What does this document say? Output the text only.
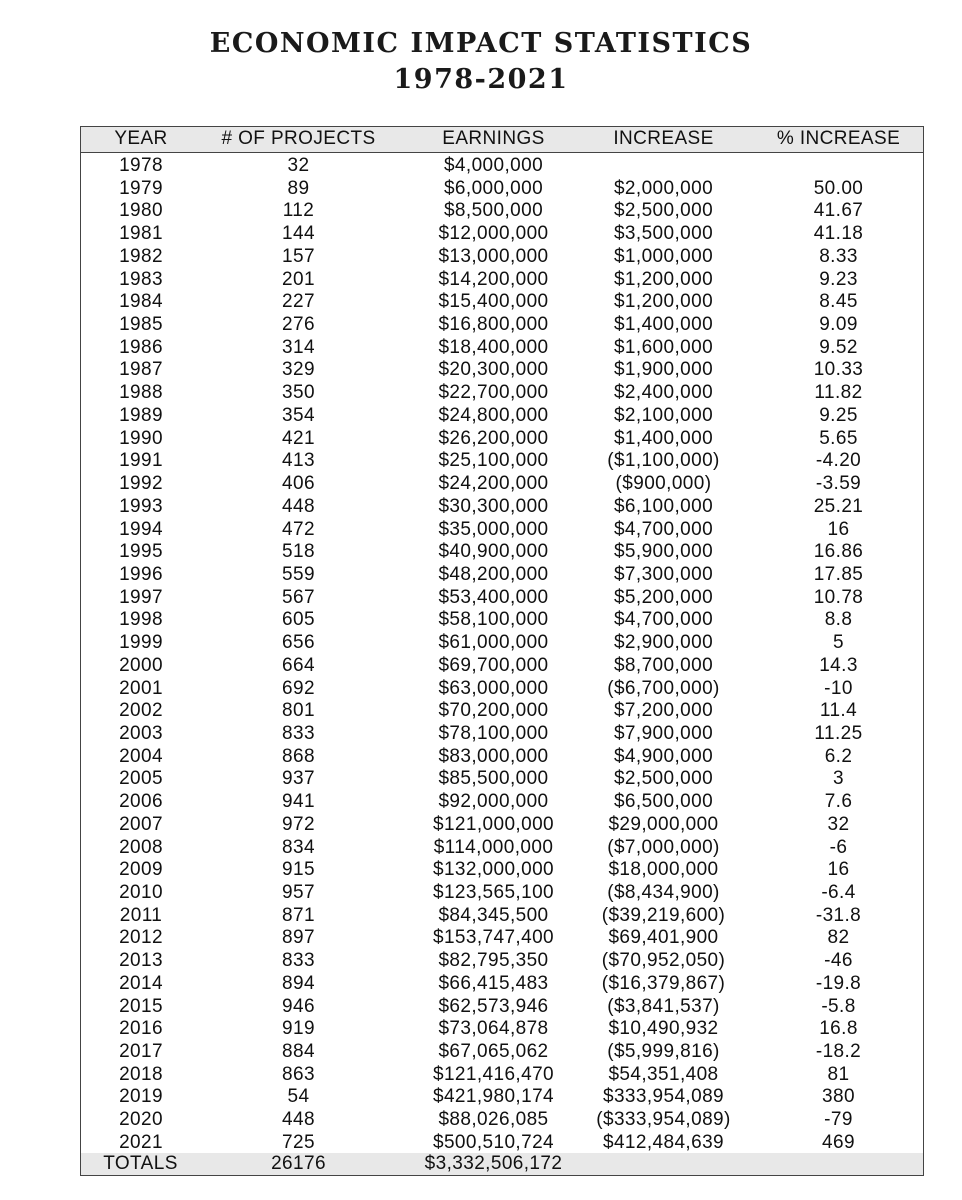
ECONOMIC IMPACT STATISTICS
1978-2021
YEAR	# OF PROJECTS	EARNINGS	INCREASE	% INCREASE
1978	32	$4,000,000
1979	89	$6,000,000	$2,000,000	50.00
1980	112	$8,500,000	$2,500,000	41.67
1981	144	$12,000,000	$3,500,000	41.18
1982	157	$13,000,000	$1,000,000	8.33
1983	201	$14,200,000	$1,200,000	9.23
1984	227	$15,400,000	$1,200,000	8.45
1985	276	$16,800,000	$1,400,000	9.09
1986	314	$18,400,000	$1,600,000	9.52
1987	329	$20,300,000	$1,900,000	10.33
1988	350	$22,700,000	$2,400,000	11.82
1989	354	$24,800,000	$2,100,000	9.25
1990	421	$26,200,000	$1,400,000	5.65
1991	413	$25,100,000	($1,100,000)	-4.20
1992	406	$24,200,000	($900,000)	-3.59
1993	448	$30,300,000	$6,100,000	25.21
1994	472	$35,000,000	$4,700,000	16
1995	518	$40,900,000	$5,900,000	16.86
1996	559	$48,200,000	$7,300,000	17.85
1997	567	$53,400,000	$5,200,000	10.78
1998	605	$58,100,000	$4,700,000	8.8
1999	656	$61,000,000	$2,900,000	5
2000	664	$69,700,000	$8,700,000	14.3
2001	692	$63,000,000	($6,700,000)	-10
2002	801	$70,200,000	$7,200,000	11.4
2003	833	$78,100,000	$7,900,000	11.25
2004	868	$83,000,000	$4,900,000	6.2
2005	937	$85,500,000	$2,500,000	3
2006	941	$92,000,000	$6,500,000	7.6
2007	972	$121,000,000	$29,000,000	32
2008	834	$114,000,000	($7,000,000)	-6
2009	915	$132,000,000	$18,000,000	16
2010	957	$123,565,100	($8,434,900)	-6.4
2011	871	$84,345,500	($39,219,600)	-31.8
2012	897	$153,747,400	$69,401,900	82
2013	833	$82,795,350	($70,952,050)	-46
2014	894	$66,415,483	($16,379,867)	-19.8
2015	946	$62,573,946	($3,841,537)	-5.8
2016	919	$73,064,878	$10,490,932	16.8
2017	884	$67,065,062	($5,999,816)	-18.2
2018	863	$121,416,470	$54,351,408	81
2019	54	$421,980,174	$333,954,089	380
2020	448	$88,026,085	($333,954,089)	-79
2021	725	$500,510,724	$412,484,639	469
TOTALS	26176	$3,332,506,172
